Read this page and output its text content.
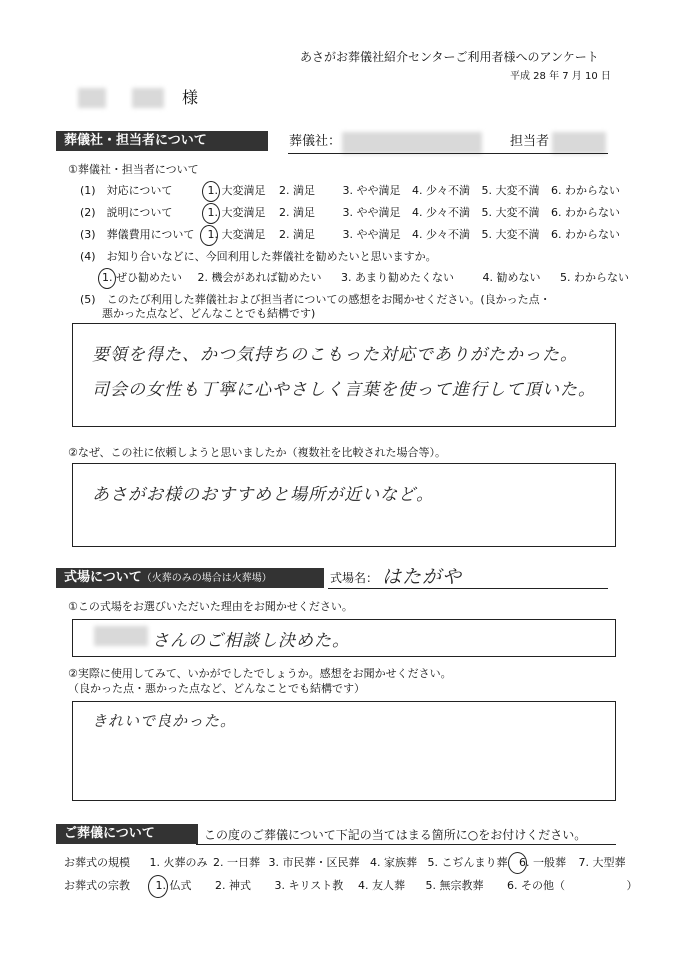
あさがお葬儀社紹介センターご利用者様へのアンケート
平成 28 年 7 月 10 日
様
葬儀社・担当者について	葬儀社：	担当者
①葬儀社・担当者について
(1)　対応について	1. 大変満足 2. 満足	3. やや満足 4. 少々不満 5. 大変不満 6. わからない
(2)　説明について	1. 大変満足 2. 満足	3. やや満足 4. 少々不満 5. 大変不満 6. わからない
(3)　葬儀費用について 1. 大変満足 2. 満足	3. やや満足 4. 少々不満 5. 大変不満 6. わからない
(4)　お知り合いなどに、今回利用した葬儀社を勧めたいと思いますか。
1. ぜひ勧めたい 2. 機会があれば勧めたい 3. あまり勧めたくない	4. 勧めない 5. わからない
(5)　このたび利用した葬儀社および担当者についての感想をお聞かせください。(良かった点・
悪かった点など、どんなことでも結構です)
要領を得た、かつ気持ちのこもった対応でありがたかった。
司会の女性も丁寧に心やさしく言葉を使って進行して頂いた。
②なぜ、この社に依頼しようと思いましたか（複数社を比較された場合等）。
あさがお様のおすすめと場所が近いなど。
式場について（火葬のみの場合は火葬場）	式場名： はたがや
①この式場をお選びいただいた理由をお聞かせください。
さんのご相談し決めた。
②実際に使用してみて、いかがでしたでしょうか。感想をお聞かせください。
（良かった点・悪かった点など、どんなことでも結構です）
きれいで良かった。
ご葬儀について	この度のご葬儀について下記の当てはまる箇所に○をお付けください。
お葬式の規模 1. 火葬のみ 2. 一日葬 3. 市民葬・区民葬 4. 家族葬 5. こぢんまり葬 6. 一般葬 7. 大型葬
お葬式の宗教 1. 仏式 2. 神式 3. キリスト教 4. 友人葬 5. 無宗教葬 6. その他（	）
